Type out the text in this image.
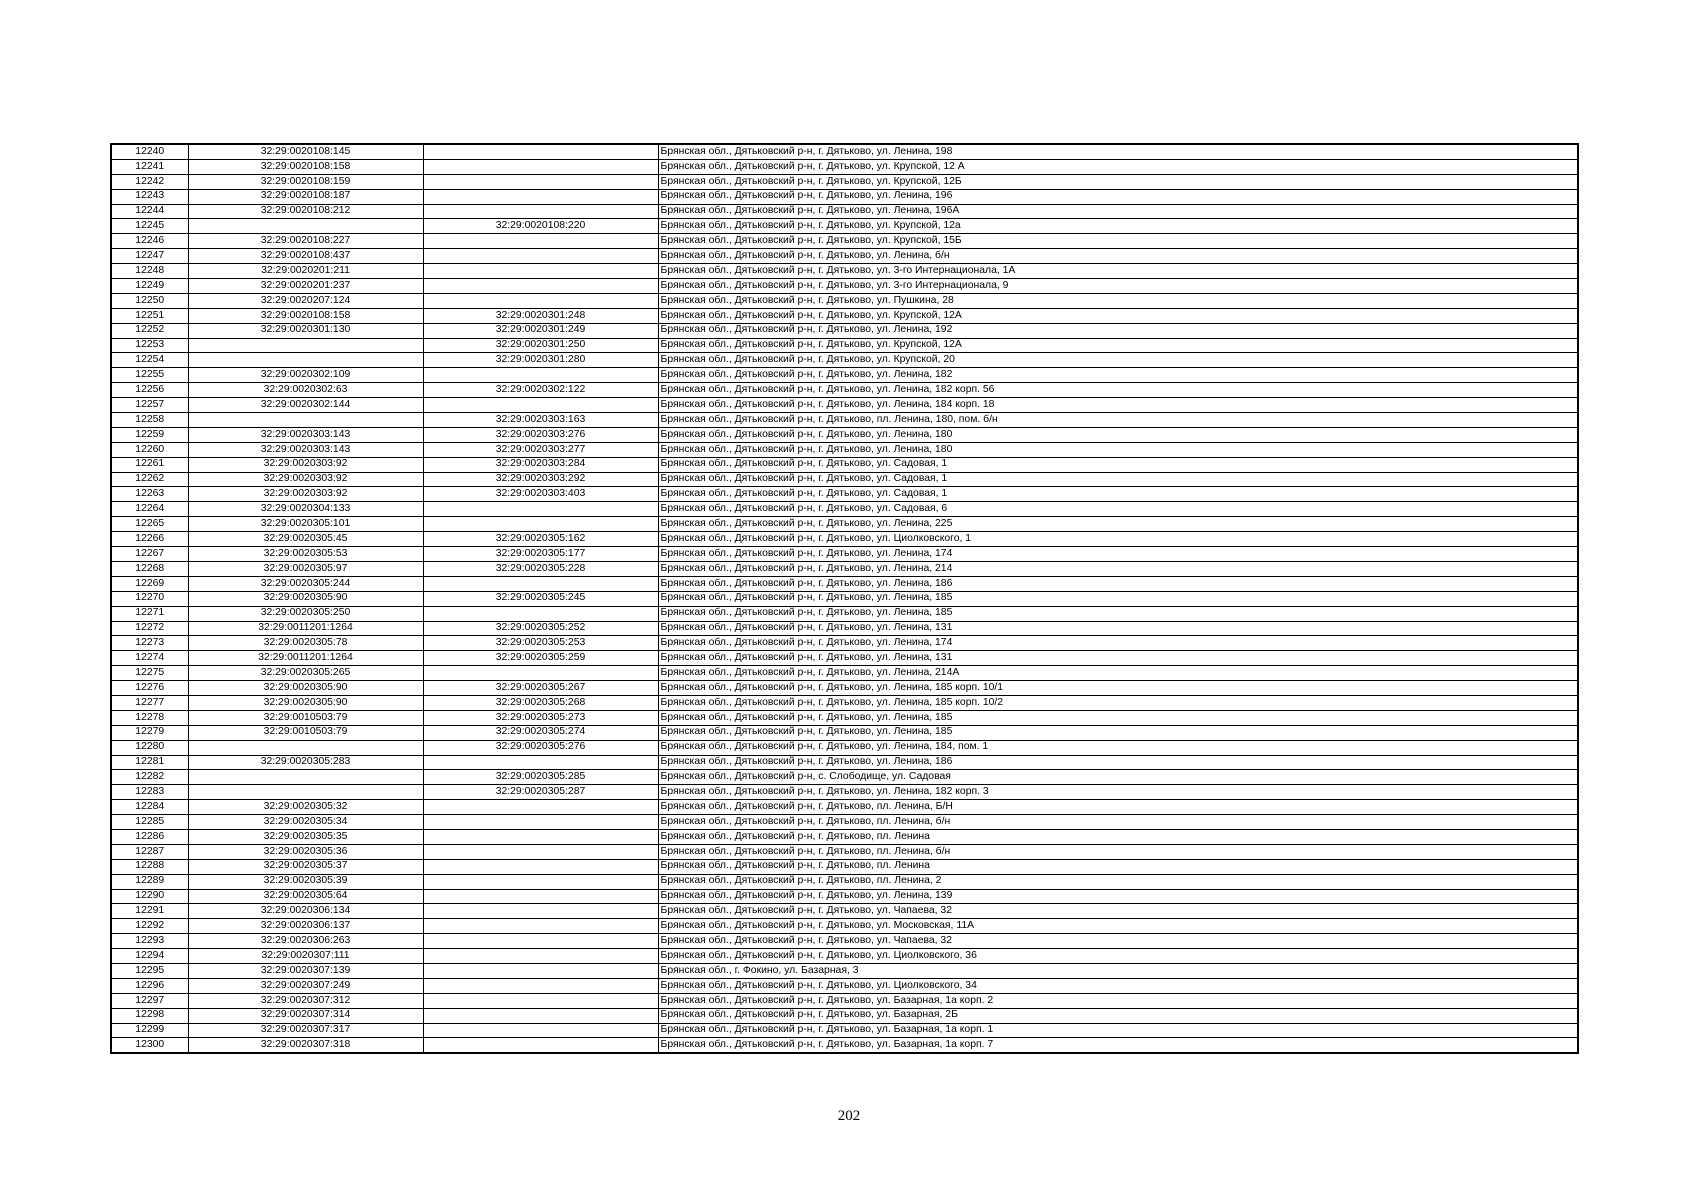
12240	32:29:0020108:145		Брянская обл., Дятьковский р-н, г. Дятьково, ул. Ленина, 198
12241	32:29:0020108:158		Брянская обл., Дятьковский р-н, г. Дятьково, ул. Крупской, 12 А
12242	32:29:0020108:159		Брянская обл., Дятьковский р-н, г. Дятьково, ул. Крупской, 12Б
12243	32:29:0020108:187		Брянская обл., Дятьковский р-н, г. Дятьково, ул. Ленина, 196
12244	32:29:0020108:212		Брянская обл., Дятьковский р-н, г. Дятьково, ул. Ленина, 196А
12245		32:29:0020108:220	Брянская обл., Дятьковский р-н, г. Дятьково, ул. Крупской, 12а
12246	32:29:0020108:227		Брянская обл., Дятьковский р-н, г. Дятьково, ул. Крупской, 15Б
12247	32:29:0020108:437		Брянская обл., Дятьковский р-н, г. Дятьково, ул. Ленина, б/н
12248	32:29:0020201:211		Брянская обл., Дятьковский р-н, г. Дятьково, ул. 3-го Интернационала, 1А
12249	32:29:0020201:237		Брянская обл., Дятьковский р-н, г. Дятьково, ул. 3-го Интернационала, 9
12250	32:29:0020207:124		Брянская обл., Дятьковский р-н, г. Дятьково, ул. Пушкина, 28
12251	32:29:0020108:158	32:29:0020301:248	Брянская обл., Дятьковский р-н, г. Дятьково, ул. Крупской, 12А
12252	32:29:0020301:130	32:29:0020301:249	Брянская обл., Дятьковский р-н, г. Дятьково, ул. Ленина, 192
12253		32:29:0020301:250	Брянская обл., Дятьковский р-н, г. Дятьково, ул. Крупской, 12А
12254		32:29:0020301:280	Брянская обл., Дятьковский р-н, г. Дятьково, ул. Крупской, 20
12255	32:29:0020302:109		Брянская обл., Дятьковский р-н, г. Дятьково, ул. Ленина, 182
12256	32:29:0020302:63	32:29:0020302:122	Брянская обл., Дятьковский р-н, г. Дятьково, ул. Ленина, 182 корп. 56
12257	32:29:0020302:144		Брянская обл., Дятьковский р-н, г. Дятьково, ул. Ленина, 184 корп. 18
12258		32:29:0020303:163	Брянская обл., Дятьковский р-н, г. Дятьково, пл. Ленина, 180, пом. б/н
12259	32:29:0020303:143	32:29:0020303:276	Брянская обл., Дятьковский р-н, г. Дятьково, ул. Ленина, 180
12260	32:29:0020303:143	32:29:0020303:277	Брянская обл., Дятьковский р-н, г. Дятьково, ул. Ленина, 180
12261	32:29:0020303:92	32:29:0020303:284	Брянская обл., Дятьковский р-н, г. Дятьково, ул. Садовая, 1
12262	32:29:0020303:92	32:29:0020303:292	Брянская обл., Дятьковский р-н, г. Дятьково, ул. Садовая, 1
12263	32:29:0020303:92	32:29:0020303:403	Брянская обл., Дятьковский р-н, г. Дятьково, ул. Садовая, 1
12264	32:29:0020304:133		Брянская обл., Дятьковский р-н, г. Дятьково, ул. Садовая, 6
12265	32:29:0020305:101		Брянская обл., Дятьковский р-н, г. Дятьково, ул. Ленина, 225
12266	32:29:0020305:45	32:29:0020305:162	Брянская обл., Дятьковский р-н, г. Дятьково, ул. Циолковского, 1
12267	32:29:0020305:53	32:29:0020305:177	Брянская обл., Дятьковский р-н, г. Дятьково, ул. Ленина, 174
12268	32:29:0020305:97	32:29:0020305:228	Брянская обл., Дятьковский р-н, г. Дятьково, ул. Ленина, 214
12269	32:29:0020305:244		Брянская обл., Дятьковский р-н, г. Дятьково, ул. Ленина, 186
12270	32:29:0020305:90	32:29:0020305:245	Брянская обл., Дятьковский р-н, г. Дятьково, ул. Ленина, 185
12271	32:29:0020305:250		Брянская обл., Дятьковский р-н, г. Дятьково, ул. Ленина, 185
12272	32:29:0011201:1264	32:29:0020305:252	Брянская обл., Дятьковский р-н, г. Дятьково, ул. Ленина, 131
12273	32:29:0020305:78	32:29:0020305:253	Брянская обл., Дятьковский р-н, г. Дятьково, ул. Ленина, 174
12274	32:29:0011201:1264	32:29:0020305:259	Брянская обл., Дятьковский р-н, г. Дятьково, ул. Ленина, 131
12275	32:29:0020305:265		Брянская обл., Дятьковский р-н, г. Дятьково, ул. Ленина, 214А
12276	32:29:0020305:90	32:29:0020305:267	Брянская обл., Дятьковский р-н, г. Дятьково, ул. Ленина, 185 корп. 10/1
12277	32:29:0020305:90	32:29:0020305:268	Брянская обл., Дятьковский р-н, г. Дятьково, ул. Ленина, 185 корп. 10/2
12278	32:29:0010503:79	32:29:0020305:273	Брянская обл., Дятьковский р-н, г. Дятьково, ул. Ленина, 185
12279	32:29:0010503:79	32:29:0020305:274	Брянская обл., Дятьковский р-н, г. Дятьково, ул. Ленина, 185
12280		32:29:0020305:276	Брянская обл., Дятьковский р-н, г. Дятьково, ул. Ленина, 184, пом. 1
12281	32:29:0020305:283		Брянская обл., Дятьковский р-н, г. Дятьково, ул. Ленина, 186
12282		32:29:0020305:285	Брянская обл., Дятьковский р-н, с. Слободище, ул. Садовая
12283		32:29:0020305:287	Брянская обл., Дятьковский р-н, г. Дятьково, ул. Ленина, 182 корп. 3
12284	32:29:0020305:32		Брянская обл., Дятьковский р-н, г. Дятьково, пл. Ленина, Б/Н
12285	32:29:0020305:34		Брянская обл., Дятьковский р-н, г. Дятьково, пл. Ленина, б/н
12286	32:29:0020305:35		Брянская обл., Дятьковский р-н, г. Дятьково, пл. Ленина
12287	32:29:0020305:36		Брянская обл., Дятьковский р-н, г. Дятьково, пл. Ленина, б/н
12288	32:29:0020305:37		Брянская обл., Дятьковский р-н, г. Дятьково, пл. Ленина
12289	32:29:0020305:39		Брянская обл., Дятьковский р-н, г. Дятьково, пл. Ленина, 2
12290	32:29:0020305:64		Брянская обл., Дятьковский р-н, г. Дятьково, ул. Ленина, 139
12291	32:29:0020306:134		Брянская обл., Дятьковский р-н, г. Дятьково, ул. Чапаева, 32
12292	32:29:0020306:137		Брянская обл., Дятьковский р-н, г. Дятьково, ул. Московская, 11А
12293	32:29:0020306:263		Брянская обл., Дятьковский р-н, г. Дятьково, ул. Чапаева, 32
12294	32:29:0020307:111		Брянская обл., Дятьковский р-н, г. Дятьково, ул. Циолковского, 36
12295	32:29:0020307:139		Брянская обл., г. Фокино, ул. Базарная, 3
12296	32:29:0020307:249		Брянская обл., Дятьковский р-н, г. Дятьково, ул. Циолковского, 34
12297	32:29:0020307:312		Брянская обл., Дятьковский р-н, г. Дятьково, ул. Базарная, 1а корп. 2
12298	32:29:0020307:314		Брянская обл., Дятьковский р-н, г. Дятьково, ул. Базарная, 2Б
12299	32:29:0020307:317		Брянская обл., Дятьковский р-н, г. Дятьково, ул. Базарная, 1а корп. 1
12300	32:29:0020307:318		Брянская обл., Дятьковский р-н, г. Дятьково, ул. Базарная, 1а корп. 7
202
